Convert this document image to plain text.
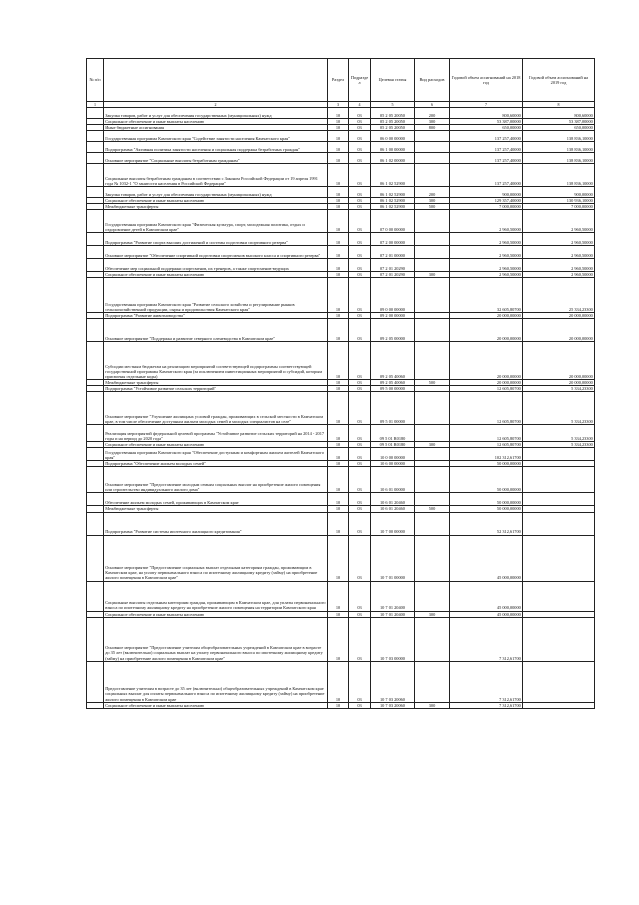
№ п/п		Раздел	Подраздел	Целевая статья	Вид расходов	Годовой объем ассигнований на 2018 год	Годовой объем ассигнований на 2019 год
1	2	3	4	5	6	7	8
	Закупка товаров, работ и услуг для обеспечения государственных (муниципальных) нужд	10	03	05 2 05 20050	200	800,60000	800,60000
	Социальное обеспечение и иные выплаты населению	10	03	05 2 05 20050	300	53 387,00000	53 387,00000
	Иные бюджетные ассигнования	10	03	05 2 05 20050	800	650,00000	650,00000
	Государственная программа Камчатского края "Содействие занятости населения Камчатского края"	10	03	06 0 00 00000		137 257,40000	138 836,10000
	Подпрограмма "Активная политика занятости населения и социальная поддержка безработных граждан"	10	03	06 1 00 00000		137 257,40000	138 836,10000
	Основное мероприятие "Социальные выплаты безработным гражданам"	10	03	06 1 02 00000		137 257,40000	138 836,10000
	Социальные выплаты безработным гражданам в соответствии с Законом Российской Федерации от 19 апреля 1991 года № 1032-1 "О занятости населения в Российской Федерации"	10	03	06 1 02 52900		137 257,40000	138 836,10000
	Закупка товаров, работ и услуг для обеспечения государственных (муниципальных) нужд	10	03	06 1 02 52900	200	900,00000	900,00000
	Социальное обеспечение и иные выплаты населению	10	03	06 1 02 52900	300	129 357,40000	130 936,10000
	Межбюджетные трансферты	10	03	06 1 02 52900	500	7 000,00000	7 000,00000
	Государственная программа Камчатского края "Физическая культура, спорт, молодежная политика, отдых и оздоровление детей в Камчатском крае"	10	03	07 0 00 00000		2 960,50000	2 960,50000
	Подпрограмма "Развитие спорта высших достижений и системы подготовки спортивного резерва"	10	03	07 2 00 00000		2 960,50000	2 960,50000
	Основное мероприятие "Обеспечение спортивной подготовки спортсменов высокого класса и спортивного резерва"	10	03	07 2 01 00000		2 960,50000	2 960,50000
	Обеспечение мер социальной поддержки спортсменов, их тренеров, а также спортсменов-ведущих	10	03	07 2 01 20290		2 960,50000	2 960,50000
	Социальное обеспечение и иные выплаты населению	10	03	07 2 01 20290	300	2 960,50000	2 960,50000
	Государственная программа Камчатского края "Развитие сельского хозяйства и регулирование рынков сельскохозяйственной продукции, сырья и продовольствия Камчатского края"	10	03	09 0 00 00000		32 605,80700	25 334,23300
	Подпрограмма "Развитие животноводства"	10	03	09 2 00 00000		20 000,00000	20 000,00000
	Основное мероприятие "Поддержка и развитие северного оленеводства в Камчатском крае"	10	03	09 2 05 00000		20 000,00000	20 000,00000
	Субсидии местным бюджетам на реализацию мероприятий соответствующей подпрограммы соответствующей государственной программы Камчатского края (за исключением инвестиционных мероприятий и субсидий, которым присвоены отдельные коды)	10	03	09 2 05 40060		20 000,00000	20 000,00000
	Межбюджетные трансферты	10	03	09 2 05 40060	500	20 000,00000	20 000,00000
	Подпрограмма "Устойчивое развитие сельских территорий"	10	03	09 5 00 00000		12 605,80700	5 334,23300
	Основное мероприятие "Улучшение жилищных условий граждан, проживающих в сельской местности в Камчатском крае, в том числе обеспечение доступным жильем молодых семей и молодых специалистов на селе"	10	03	09 5 01 00000		12 605,80700	5 334,23300
	Реализация мероприятий федеральной целевой программы "Устойчивое развитие сельских территорий на 2014 - 2017 годы и на период до 2020 года"	10	03	09 5 01 R0180		12 605,80700	5 334,23300
	Социальное обеспечение и иные выплаты населению	10	03	09 5 01 R0180	300	12 605,80700	5 334,23300
	Государственная программа Камчатского края "Обеспечение доступным и комфортным жильем жителей Камчатского края"	10	03	10 0 00 00000		102 312,61700	
	Подпрограмма "Обеспечение жильем молодых семей"	10	03	10 6 00 00000		50 000,00000	
	Основное мероприятие "Предоставление молодым семьям социальных выплат на приобретение жилого помещения или строительство индивидуального жилого дома"	10	03	10 6 01 00000		50 000,00000	
	Обеспечение жильем молодых семей, проживающих в Камчатском крае	10	03	10 6 01 20460		50 000,00000	
	Межбюджетные трансферты	10	03	10 6 01 20460	500	50 000,00000	
	Подпрограмма "Развитие системы ипотечного жилищного кредитования"	10	03	10 7 00 00000		52 312,61700	
	Основное мероприятие "Предоставление социальных выплат отдельным категориям граждан, проживающим в Камчатском крае, на уплату первоначального взноса по ипотечному жилищному кредиту (займу) на приобретение жилого помещения в Камчатском крае"	10	03	10 7 01 00000		45 000,00000	
	Социальные выплаты отдельным категориям граждан, проживающим в Камчатском крае, для уплаты первоначального взноса по ипотечному жилищному кредиту на приобретение жилого помещения на территории Камчатского края	10	03	10 7 01 20400		45 000,00000	
	Социальное обеспечение и иные выплаты населению	10	03	10 7 01 20400	300	45 000,00000	
	Основное мероприятие "Предоставление учителям общеобразовательных учреждений в Камчатском крае в возрасте до 35 лет (включительно) социальных выплат на уплату первоначального взноса по ипотечному жилищному кредиту (займу) на приобретение жилого помещения в Камчатском крае"	10	03	10 7 03 00000		7 312,61700	
	Предоставление учителям в возрасте до 35 лет (включительно) общеобразовательных учреждений в Камчатском крае социальных выплат для оплаты первоначального взноса по ипотечному жилищному кредиту (займу) на приобретение жилого помещения в Камчатском крае	10	03	10 7 03 20060		7 312,61700	
	Социальное обеспечение и иные выплаты населению	10	03	10 7 03 20060	300	7 312,61700	
